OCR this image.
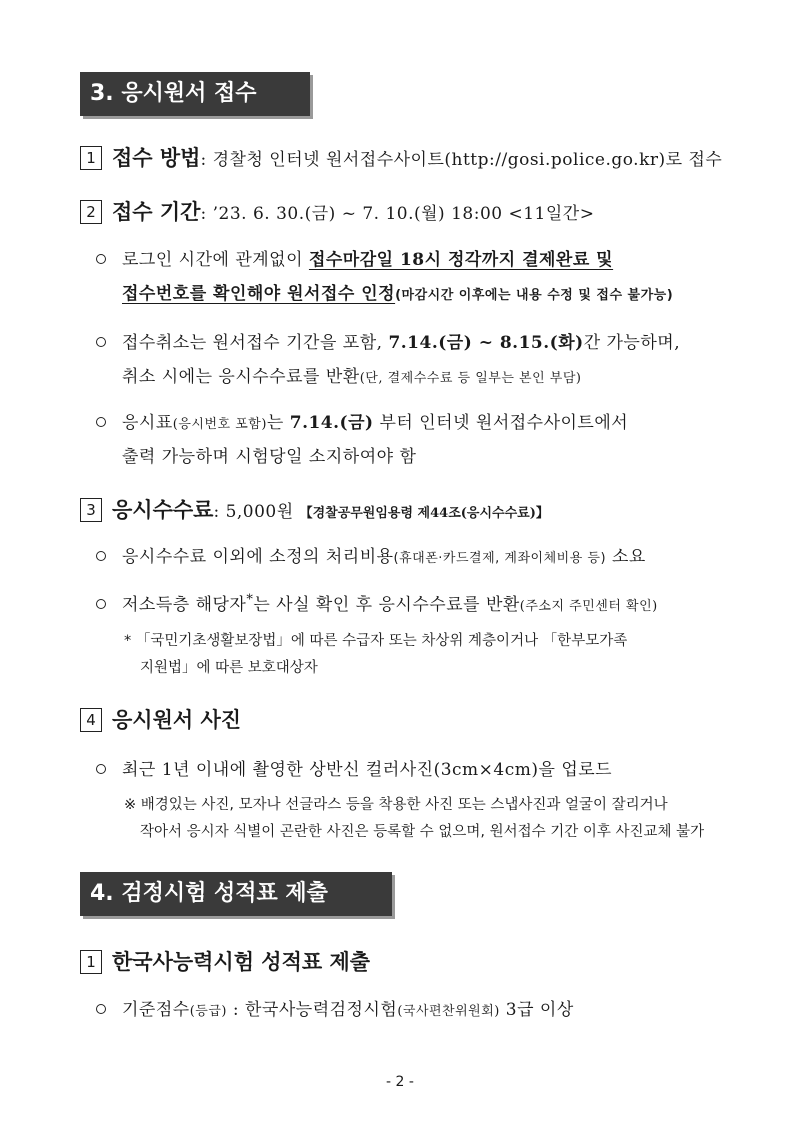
3. 응시원서 접수
1 접수 방법: 경찰청 인터넷 원서접수사이트(http://gosi.police.go.kr)로 접수
2 접수 기간: ’23. 6. 30.(금) ~ 7. 10.(월) 18:00 <11일간>
로그인 시간에 관계없이 접수마감일 18시 정각까지 결제완료 및
접수번호를 확인해야 원서접수 인정(마감시간 이후에는 내용 수정 및 접수 불가능)
접수취소는 원서접수 기간을 포함, 7.14.(금) ~ 8.15.(화)간 가능하며,
취소 시에는 응시수수료를 반환(단, 결제수수료 등 일부는 본인 부담)
응시표(응시번호 포함)는 7.14.(금) 부터 인터넷 원서접수사이트에서
출력 가능하며 시험당일 소지하여야 함
3 응시수수료: 5,000원 【경찰공무원임용령 제44조(응시수수료)】
응시수수료 이외에 소정의 처리비용(휴대폰·카드결제, 계좌이체비용 등) 소요
저소득층 해당자*는 사실 확인 후 응시수수료를 반환(주소지 주민센터 확인)
* 「국민기초생활보장법」에 따른 수급자 또는 차상위 계층이거나 「한부모가족
지원법」에 따른 보호대상자
4 응시원서 사진
최근 1년 이내에 촬영한 상반신 컬러사진(3cm×4cm)을 업로드
※ 배경있는 사진, 모자나 선글라스 등을 착용한 사진 또는 스냅사진과 얼굴이 잘리거나
작아서 응시자 식별이 곤란한 사진은 등록할 수 없으며, 원서접수 기간 이후 사진교체 불가
4. 검정시험 성적표 제출
1 한국사능력시험 성적표 제출
기준점수(등급) : 한국사능력검정시험(국사편찬위원회) 3급 이상
- 2 -
